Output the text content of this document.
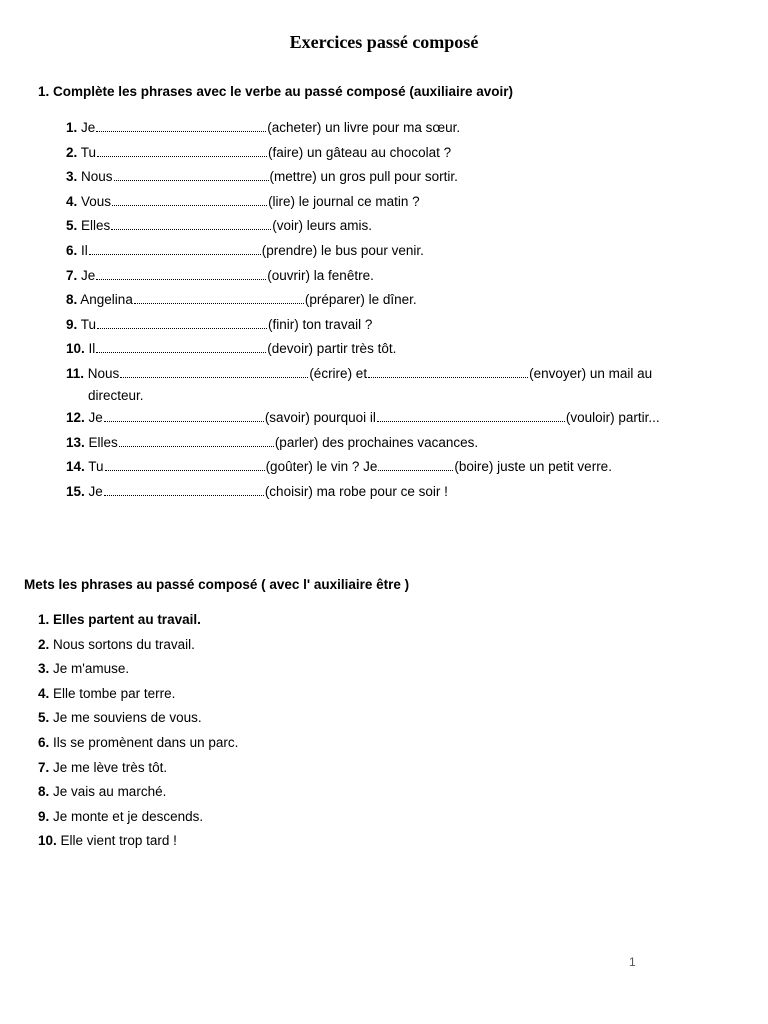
Exercices passé composé
1. Complète les phrases avec le verbe au passé composé (auxiliaire avoir)
1. Je	(acheter) un livre pour ma sœur.
2. Tu	(faire) un gâteau au chocolat ?
3. Nous	(mettre) un gros pull pour sortir.
4. Vous	(lire) le journal ce matin ?
5. Elles	(voir) leurs amis.
6. Il	(prendre) le bus pour venir.
7. Je	(ouvrir) la fenêtre.
8. Angelina	(préparer) le dîner.
9. Tu	(finir) ton travail ?
10. Il	(devoir) partir très tôt.
11. Nous	(écrire) et	(envoyer) un mail au
directeur.
12. Je	(savoir) pourquoi il	(vouloir) partir...
13. Elles	(parler) des prochaines vacances.
14. Tu	(goûter) le vin ? Je	(boire) juste un petit verre.
15. Je	(choisir) ma robe pour ce soir !
Mets les phrases au passé composé ( avec l' auxiliaire être )
1. Elles partent au travail.
2. Nous sortons du travail.
3. Je m'amuse.
4. Elle tombe par terre.
5. Je me souviens de vous.
6. Ils se promènent dans un parc.
7. Je me lève très tôt.
8. Je vais au marché.
9. Je monte et je descends.
10. Elle vient trop tard !
1
